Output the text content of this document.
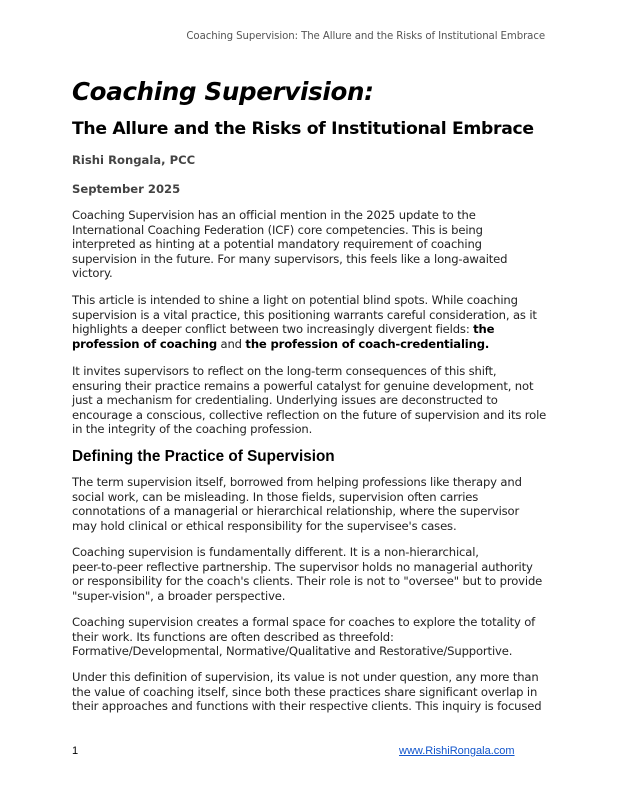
Coaching Supervision: The Allure and the Risks of Institutional Embrace
Coaching Supervision:
The Allure and the Risks of Institutional Embrace
Rishi Rongala, PCC
September 2025
Coaching Supervision has an official mention in the 2025 update to the
International Coaching Federation (ICF) core competencies. This is being
interpreted as hinting at a potential mandatory requirement of coaching
supervision in the future. For many supervisors, this feels like a long-awaited
victory.
This article is intended to shine a light on potential blind spots. While coaching
supervision is a vital practice, this positioning warrants careful consideration, as it
highlights a deeper conflict between two increasingly divergent fields: the
profession of coaching and the profession of coach-credentialing.
It invites supervisors to reflect on the long-term consequences of this shift,
ensuring their practice remains a powerful catalyst for genuine development, not
just a mechanism for credentialing. Underlying issues are deconstructed to
encourage a conscious, collective reflection on the future of supervision and its role
in the integrity of the coaching profession.
Defining the Practice of Supervision
The term supervision itself, borrowed from helping professions like therapy and
social work, can be misleading. In those fields, supervision often carries
connotations of a managerial or hierarchical relationship, where the supervisor
may hold clinical or ethical responsibility for the supervisee's cases.
Coaching supervision is fundamentally different. It is a non-hierarchical,
peer-to-peer reflective partnership. The supervisor holds no managerial authority
or responsibility for the coach's clients. Their role is not to "oversee" but to provide
"super-vision", a broader perspective.
Coaching supervision creates a formal space for coaches to explore the totality of
their work. Its functions are often described as threefold:
Formative/Developmental, Normative/Qualitative and Restorative/Supportive.
Under this definition of supervision, its value is not under question, any more than
the value of coaching itself, since both these practices share significant overlap in
their approaches and functions with their respective clients. This inquiry is focused
1	www.RishiRongala.com
